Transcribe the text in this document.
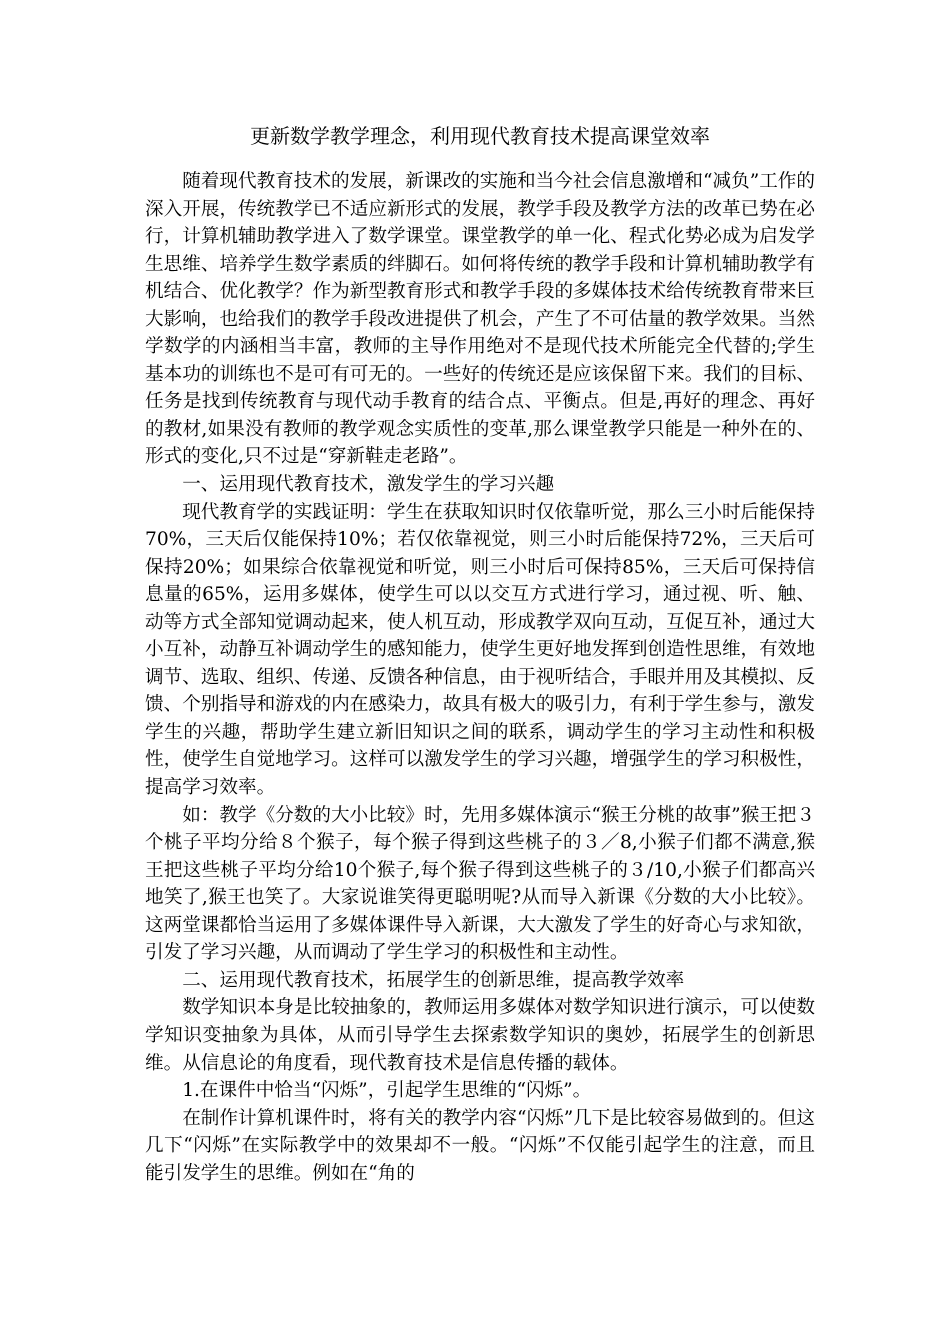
更新数学教学理念，利用现代教育技术提高课堂效率

随着现代教育技术的发展，新课改的实施和当今社会信息激增和“减负”工作的深入开展，传统教学已不适应新形式的发展，教学手段及教学方法的改革已势在必行，计算机辅助教学进入了数学课堂。课堂教学的单一化、程式化势必成为启发学生思维、培养学生数学素质的绊脚石。如何将传统的教学手段和计算机辅助教学有机结合、优化教学？作为新型教育形式和教学手段的多媒体技术给传统教育带来巨大影响，也给我们的教学手段改进提供了机会，产生了不可估量的教学效果。当然学数学的内涵相当丰富，教师的主导作用绝对不是现代技术所能完全代替的;学生基本功的训练也不是可有可无的。一些好的传统还是应该保留下来。我们的目标、任务是找到传统教育与现代动手教育的结合点、平衡点。但是,再好的理念、再好的教材,如果没有教师的教学观念实质性的变革,那么课堂教学只能是一种外在的、形式的变化,只不过是“穿新鞋走老路”。

一、运用现代教育技术，激发学生的学习兴趣

现代教育学的实践证明：学生在获取知识时仅依靠听觉，那么三小时后能保持70%，三天后仅能保持10%；若仅依靠视觉，则三小时后能保持72%，三天后可保持20%；如果综合依靠视觉和听觉，则三小时后可保持85%，三天后可保持信息量的65%，运用多媒体，使学生可以以交互方式进行学习，通过视、听、触、动等方式全部知觉调动起来，使人机互动，形成教学双向互动，互促互补，通过大小互补，动静互补调动学生的感知能力，使学生更好地发挥到创造性思维，有效地调节、选取、组织、传递、反馈各种信息，由于视听结合，手眼并用及其模拟、反馈、个别指导和游戏的内在感染力，故具有极大的吸引力，有利于学生参与，激发学生的兴趣，帮助学生建立新旧知识之间的联系，调动学生的学习主动性和积极性，使学生自觉地学习。这样可以激发学生的学习兴趣，增强学生的学习积极性，提高学习效率。

如：教学《分数的大小比较》时，先用多媒体演示“猴王分桃的故事”猴王把３个桃子平均分给８个猴子，每个猴子得到这些桃子的３／8,小猴子们都不满意,猴王把这些桃子平均分给10个猴子,每个猴子得到这些桃子的３/10,小猴子们都高兴地笑了,猴王也笑了。大家说谁笑得更聪明呢?从而导入新课《分数的大小比较》。这两堂课都恰当运用了多媒体课件导入新课，大大激发了学生的好奇心与求知欲，引发了学习兴趣，从而调动了学生学习的积极性和主动性。

二、运用现代教育技术，拓展学生的创新思维，提高教学效率

数学知识本身是比较抽象的，教师运用多媒体对数学知识进行演示，可以使数学知识变抽象为具体，从而引导学生去探索数学知识的奥妙，拓展学生的创新思维。从信息论的角度看，现代教育技术是信息传播的载体。

1.在课件中恰当“闪烁”，引起学生思维的“闪烁”。

在制作计算机课件时，将有关的教学内容“闪烁”几下是比较容易做到的。但这几下“闪烁”在实际教学中的效果却不一般。“闪烁”不仅能引起学生的注意，而且能引发学生的思维。例如在“角的
